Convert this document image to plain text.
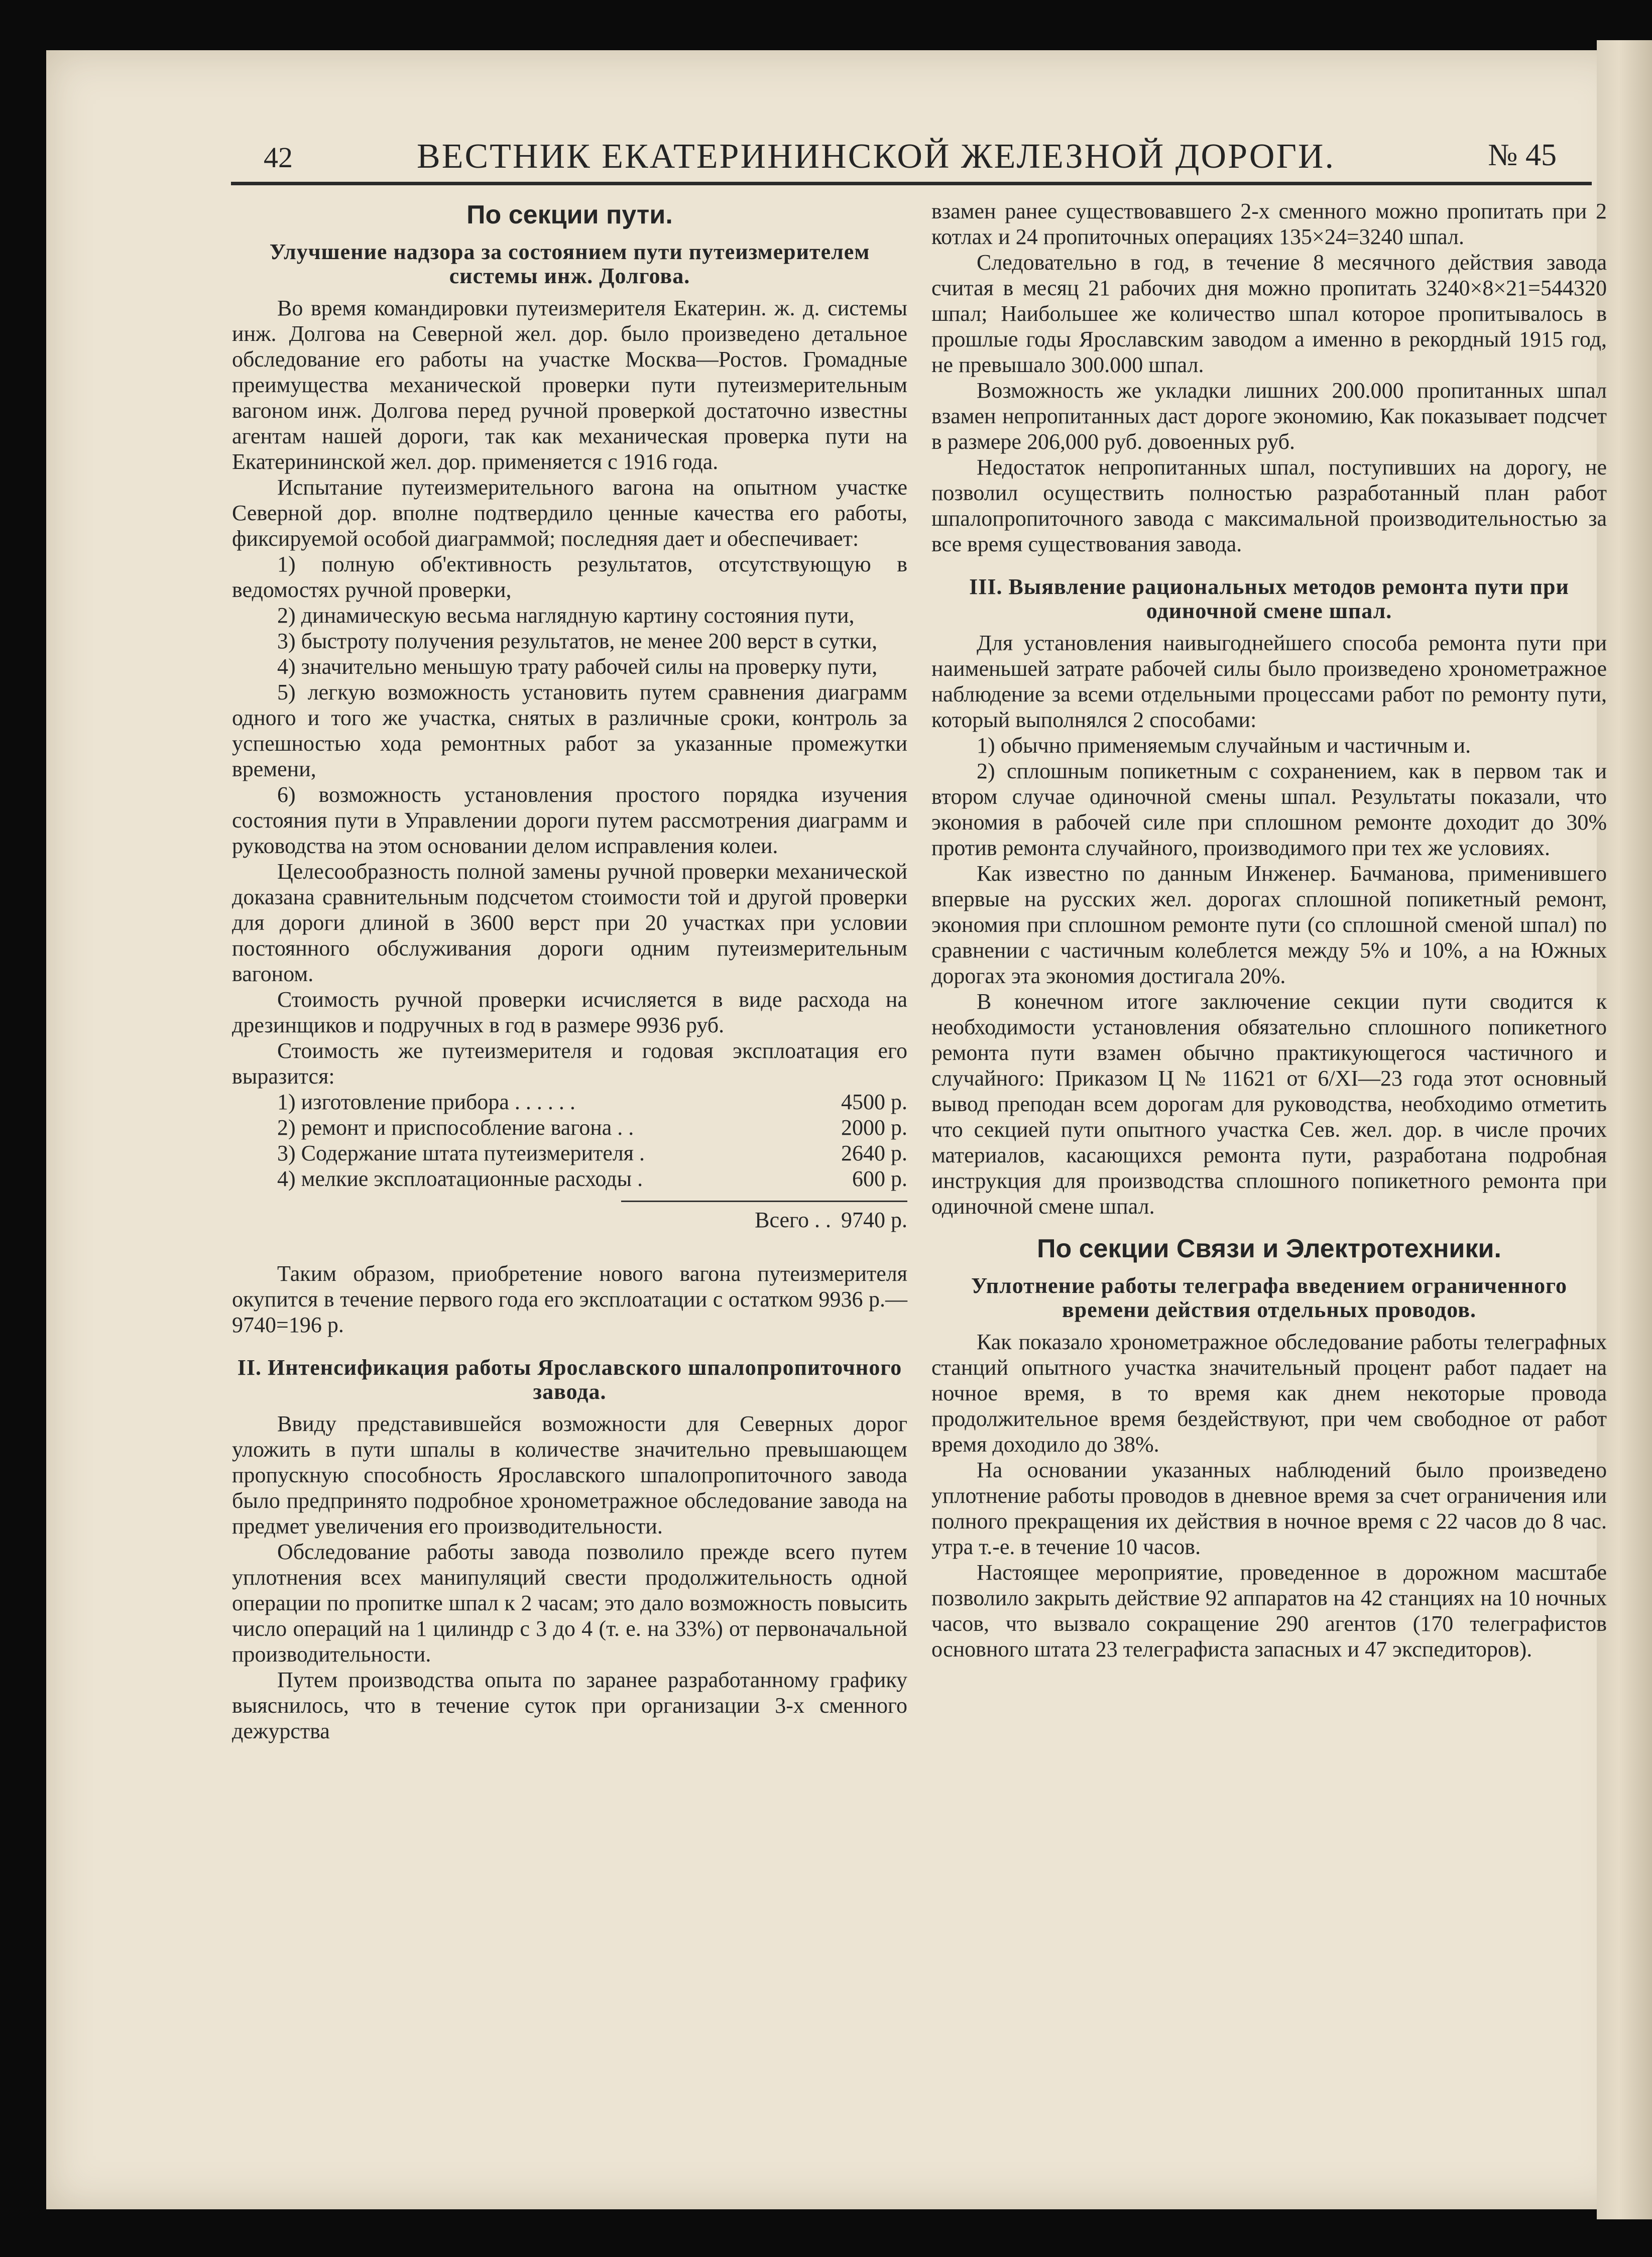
42	ВЕСТНИК ЕКАТЕРИНИНСКОЙ ЖЕЛЕЗНОЙ ДОРОГИ.	№ 45
По секции пути.
Улучшение надзора за состоянием пути путеизмерителем системы инж. Долгова.

Во время командировки путеизмерителя Екатерин. ж. д. системы инж. Долгова на Северной жел. дор. было произведено детальное обследование его работы на участке Москва—Ростов. Громадные преимущества механической проверки пути путеизмерительным вагоном инж. Долгова перед ручной проверкой достаточно известны агентам нашей дороги, так как механическая проверка пути на Екатерининской жел. дор. применяется с 1916 года.

Испытание путеизмерительного вагона на опытном участке Северной дор. вполне подтвердило ценные качества его работы, фиксируемой особой диаграммой; последняя дает и обеспечивает:

1) полную об'ективность результатов, отсутствующую в ведомостях ручной проверки,
2) динамическую весьма наглядную картину состояния пути,
3) быстроту получения результатов, не менее 200 верст в сутки,
4) значительно меньшую трату рабочей силы на проверку пути,
5) легкую возможность установить путем сравнения диаграмм одного и того же участка, снятых в различные сроки, контроль за успешностью хода ремонтных работ за указанные промежутки времени,
6) возможность установления простого порядка изучения состояния пути в Управлении дороги путем рассмотрения диаграмм и руководства на этом основании делом исправления колеи.

Целесообразность полной замены ручной проверки механической доказана сравнительным подсчетом стоимости той и другой проверки для дороги длиной в 3600 верст при 20 участках при условии постоянного обслуживания дороги одним путеизмерительным вагоном.

Стоимость ручной проверки исчисляется в виде расхода на дрезинщиков и подручных в год в размере 9936 руб.

Стоимость же путеизмерителя и годовая эксплоатация его выразится:

1) изготовление прибора . . . . . .	4500 р.
2) ремонт и приспособление вагона . .	2000 р.
3) Содержание штата путеизмерителя .	2640 р.
4) мелкие эксплоатационные расходы .	600 р.
Всего . . 9740 р.

Таким образом, приобретение нового вагона путеизмерителя окупится в течение первого года его эксплоатации с остатком 9936 р.—9740=196 р.

II. Интенсификация работы Ярославского шпалопропиточного завода.

Ввиду представившейся возможности для Северных дорог уложить в пути шпалы в количестве значительно превышающем пропускную способность Ярославского шпалопропиточного завода было предпринято подробное хронометражное обследование завода на предмет увеличения его производительности.

Обследование работы завода позволило прежде всего путем уплотнения всех манипуляций свести продолжительность одной операции по пропитке шпал к 2 часам; это дало возможность повысить число операций на 1 цилиндр с 3 до 4 (т. е. на 33%) от первоначальной производительности.

Путем производства опыта по заранее разработанному графику выяснилось, что в течение суток при организации 3-х сменного дежурства

взамен ранее существовавшего 2-х сменного можно пропитать при 2 котлах и 24 пропиточных операциях 135×24=3240 шпал.

Следовательно в год, в течение 8 месячного действия завода считая в месяц 21 рабочих дня можно пропитать 3240×8×21=544320 шпал; Наибольшее же количество шпал которое пропитывалось в прошлые годы Ярославским заводом а именно в рекордный 1915 год, не превышало 300.000 шпал.

Возможность же укладки лишних 200.000 пропитанных шпал взамен непропитанных даст дороге экономию, Как показывает подсчет в размере 206,000 руб. довоенных руб.

Недостаток непропитанных шпал, поступивших на дорогу, не позволил осуществить полностью разработанный план работ шпалопропиточного завода с максимальной производительностью за все время существования завода.

III. Выявление рациональных методов ремонта пути при одиночной смене шпал.

Для установления наивыгоднейшего способа ремонта пути при наименьшей затрате рабочей силы было произведено хронометражное наблюдение за всеми отдельными процессами работ по ремонту пути, который выполнялся 2 способами:

1) обычно применяемым случайным и частичным и.
2) сплошным попикетным с сохранением, как в первом так и втором случае одиночной смены шпал. Результаты показали, что экономия в рабочей силе при сплошном ремонте доходит до 30% против ремонта случайного, производимого при тех же условиях.

Как известно по данным Инженер. Бачманова, применившего впервые на русских жел. дорогах сплошной попикетный ремонт, экономия при сплошном ремонте пути (со сплошной сменой шпал) по сравнении с частичным колеблется между 5% и 10%, а на Южных дорогах эта экономия достигала 20%.

В конечном итоге заключение секции пути сводится к необходимости установления обязательно сплошного попикетного ремонта пути взамен обычно практикующегося частичного и случайного: Приказом Ц № 11621 от 6/XI—23 года этот основный вывод преподан всем дорогам для руководства, необходимо отметить что секцией пути опытного участка Сев. жел. дор. в числе прочих материалов, касающихся ремонта пути, разработана подробная инструкция для производства сплошного попикетного ремонта при одиночной смене шпал.

По секции Связи и Электротехники.
Уплотнение работы телеграфа введением ограниченного времени действия отдельных проводов.

Как показало хронометражное обследование работы телеграфных станций опытного участка значительный процент работ падает на ночное время, в то время как днем некоторые провода продолжительное время бездействуют, при чем свободное от работ время доходило до 38%.

На основании указанных наблюдений было произведено уплотнение работы проводов в дневное время за счет ограничения или полного прекращения их действия в ночное время с 22 часов до 8 час. утра т.-е. в течение 10 часов.

Настоящее мероприятие, проведенное в дорожном масштабе позволило закрыть действие 92 аппаратов на 42 станциях на 10 ночных часов, что вызвало сокращение 290 агентов (170 телеграфистов основного штата 23 телеграфиста запасных и 47 экспедиторов).
